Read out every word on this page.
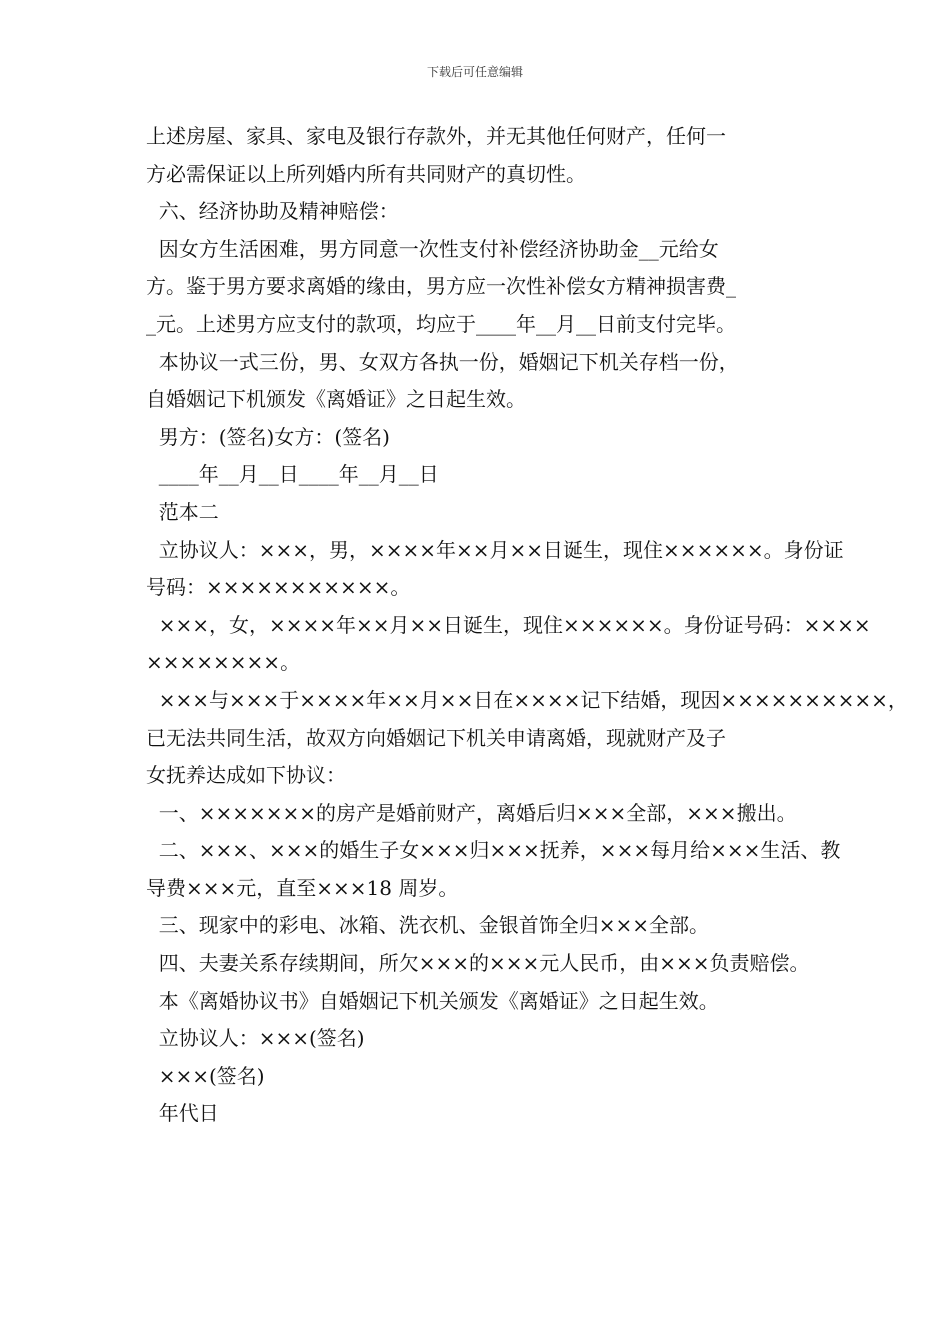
下载后可任意编辑
上述房屋、家具、家电及银行存款外，并无其他任何财产，任何一
方必需保证以上所列婚内所有共同财产的真切性。
六、经济协助及精神赔偿：
因女方生活困难，男方同意一次性支付补偿经济协助金__元给女
方。鉴于男方要求离婚的缘由，男方应一次性补偿女方精神损害费_
_元。上述男方应支付的款项，均应于____年__月__日前支付完毕。
本协议一式三份，男、女双方各执一份，婚姻记下机关存档一份，
自婚姻记下机颁发《离婚证》之日起生效。
男方：(签名)女方：(签名)
____年__月__日____年__月__日
范本二
立协议人：×××，男，××××年××月××日诞生，现住××××××。身份证
号码：×××××××××××。
×××，女，××××年××月××日诞生，现住××××××。身份证号码：××××
××××××××。
×××与×××于××××年××月××日在××××记下结婚，现因××××××××××，
已无法共同生活，故双方向婚姻记下机关申请离婚，现就财产及子
女抚养达成如下协议：
一、×××××××的房产是婚前财产，离婚后归×××全部，×××搬出。
二、×××、×××的婚生子女×××归×××抚养，×××每月给×××生活、教
导费×××元，直至×××18 周岁。
三、现家中的彩电、冰箱、洗衣机、金银首饰全归×××全部。
四、夫妻关系存续期间，所欠×××的×××元人民币，由×××负责赔偿。
本《离婚协议书》自婚姻记下机关颁发《离婚证》之日起生效。
立协议人：×××(签名)
×××(签名)
年代日
